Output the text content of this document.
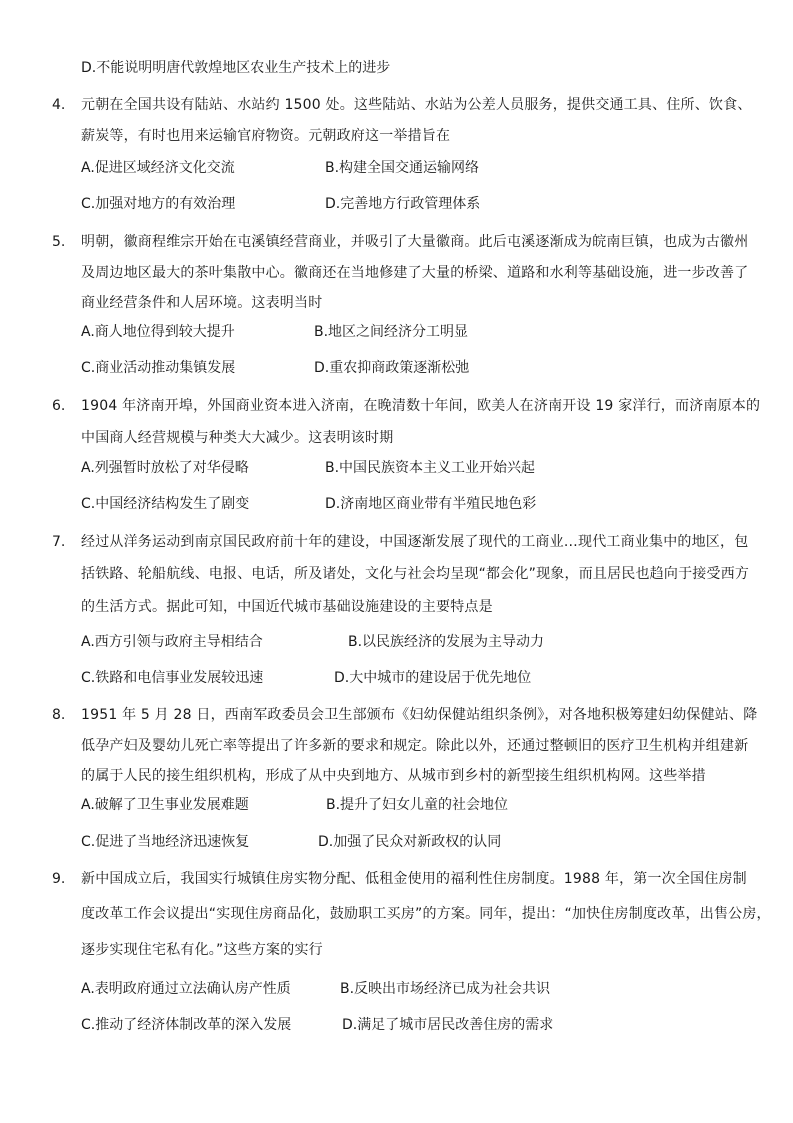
D.不能说明明唐代敦煌地区农业生产技术上的进步
4. 元朝在全国共设有陆站、水站约 1500 处。这些陆站、水站为公差人员服务，提供交通工具、住所、饮食、
薪炭等，有时也用来运输官府物资。元朝政府这一举措旨在
A.促进区域经济文化交流	B.构建全国交通运输网络
C.加强对地方的有效治理	D.完善地方行政管理体系
5. 明朝，徽商程维宗开始在屯溪镇经营商业，并吸引了大量徽商。此后屯溪逐渐成为皖南巨镇，也成为古徽州
及周边地区最大的茶叶集散中心。徽商还在当地修建了大量的桥梁、道路和水利等基础设施，进一步改善了
商业经营条件和人居环境。这表明当时
A.商人地位得到较大提升	B.地区之间经济分工明显
C.商业活动推动集镇发展	D.重农抑商政策逐渐松弛
6. 1904 年济南开埠，外国商业资本进入济南，在晚清数十年间，欧美人在济南开设 19 家洋行，而济南原本的
中国商人经营规模与种类大大减少。这表明该时期
A.列强暂时放松了对华侵略	B.中国民族资本主义工业开始兴起
C.中国经济结构发生了剧变	D.济南地区商业带有半殖民地色彩
7. 经过从洋务运动到南京国民政府前十年的建设，中国逐渐发展了现代的工商业…现代工商业集中的地区，包
括铁路、轮船航线、电报、电话，所及诸处，文化与社会均呈现“都会化”现象，而且居民也趋向于接受西方
的生活方式。据此可知，中国近代城市基础设施建设的主要特点是
A.西方引领与政府主导相结合	B.以民族经济的发展为主导动力
C.铁路和电信事业发展较迅速	D.大中城市的建设居于优先地位
8. 1951 年 5 月 28 日，西南军政委员会卫生部颁布《妇幼保健站组织条例》，对各地积极筹建妇幼保健站、降
低孕产妇及婴幼儿死亡率等提出了许多新的要求和规定。除此以外，还通过整顿旧的医疗卫生机构并组建新
的属于人民的接生组织机构，形成了从中央到地方、从城市到乡村的新型接生组织机构网。这些举措
A.破解了卫生事业发展难题	B.提升了妇女儿童的社会地位
C.促进了当地经济迅速恢复	D.加强了民众对新政权的认同
9. 新中国成立后，我国实行城镇住房实物分配、低租金使用的福利性住房制度。1988 年，第一次全国住房制
度改革工作会议提出“实现住房商品化，鼓励职工买房”的方案。同年，提出：“加快住房制度改革，出售公房，
逐步实现住宅私有化。”这些方案的实行
A.表明政府通过立法确认房产性质	B.反映出市场经济已成为社会共识
C.推动了经济体制改革的深入发展	D.满足了城市居民改善住房的需求
